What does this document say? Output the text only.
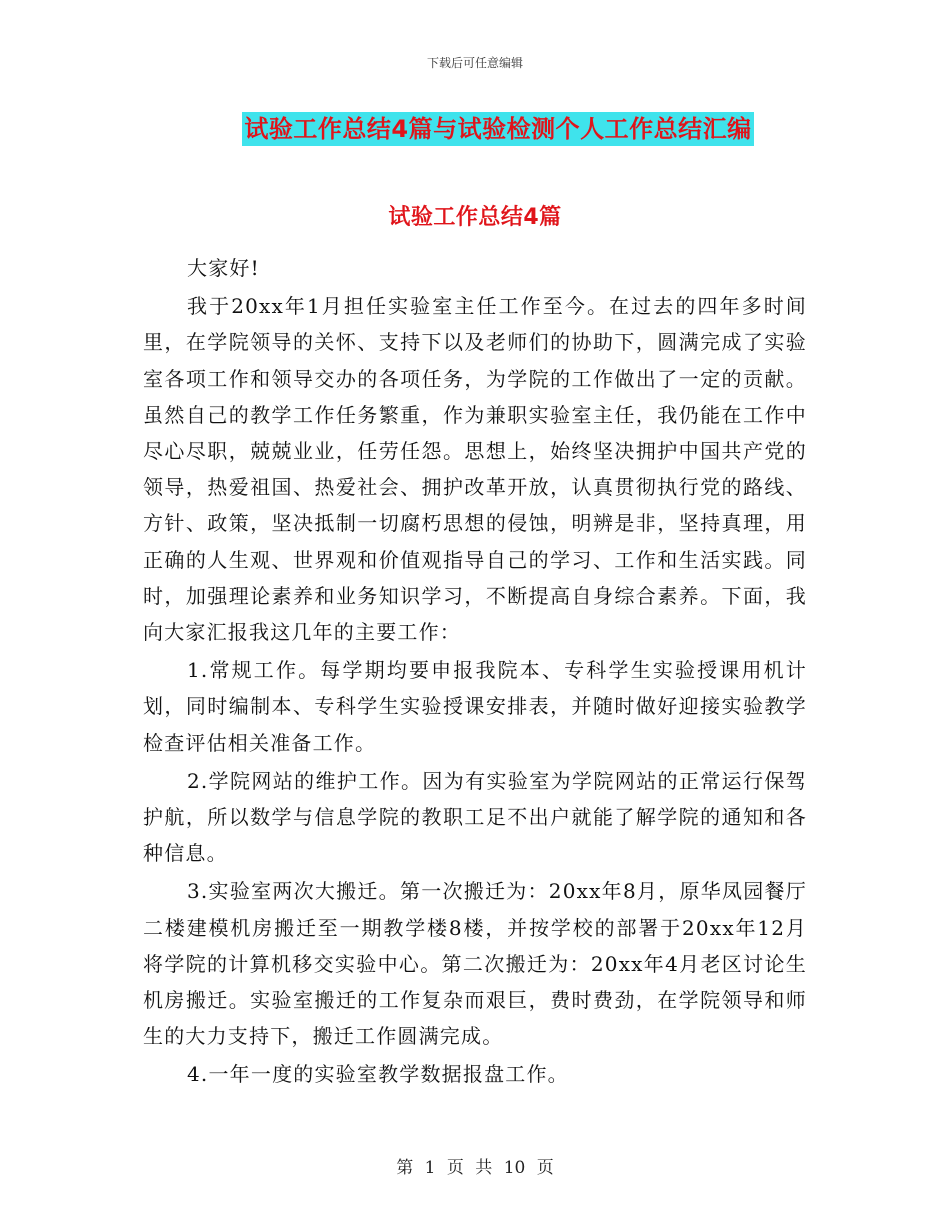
下载后可任意编辑
试验工作总结4篇与试验检测个人工作总结汇编
试验工作总结4篇

大家好!

我于20xx年1月担任实验室主任工作至今。在过去的四年多时间里，在学院领导的关怀、支持下以及老师们的协助下，圆满完成了实验室各项工作和领导交办的各项任务，为学院的工作做出了一定的贡献。虽然自己的教学工作任务繁重，作为兼职实验室主任，我仍能在工作中尽心尽职，兢兢业业，任劳任怨。思想上，始终坚决拥护中国共产党的领导，热爱祖国、热爱社会、拥护改革开放，认真贯彻执行党的路线、方针、政策，坚决抵制一切腐朽思想的侵蚀，明辨是非，坚持真理，用正确的人生观、世界观和价值观指导自己的学习、工作和生活实践。同时，加强理论素养和业务知识学习，不断提高自身综合素养。下面，我向大家汇报我这几年的主要工作：

1.常规工作。每学期均要申报我院本、专科学生实验授课用机计划，同时编制本、专科学生实验授课安排表，并随时做好迎接实验教学检查评估相关准备工作。

2.学院网站的维护工作。因为有实验室为学院网站的正常运行保驾护航，所以数学与信息学院的教职工足不出户就能了解学院的通知和各种信息。

3.实验室两次大搬迁。第一次搬迁为：20xx年8月，原华凤园餐厅二楼建模机房搬迁至一期教学楼8楼，并按学校的部署于20xx年12月将学院的计算机移交实验中心。第二次搬迁为：20xx年4月老区讨论生机房搬迁。实验室搬迁的工作复杂而艰巨，费时费劲，在学院领导和师生的大力支持下，搬迁工作圆满完成。

4.一年一度的实验室教学数据报盘工作。

第 1 页 共 10 页
